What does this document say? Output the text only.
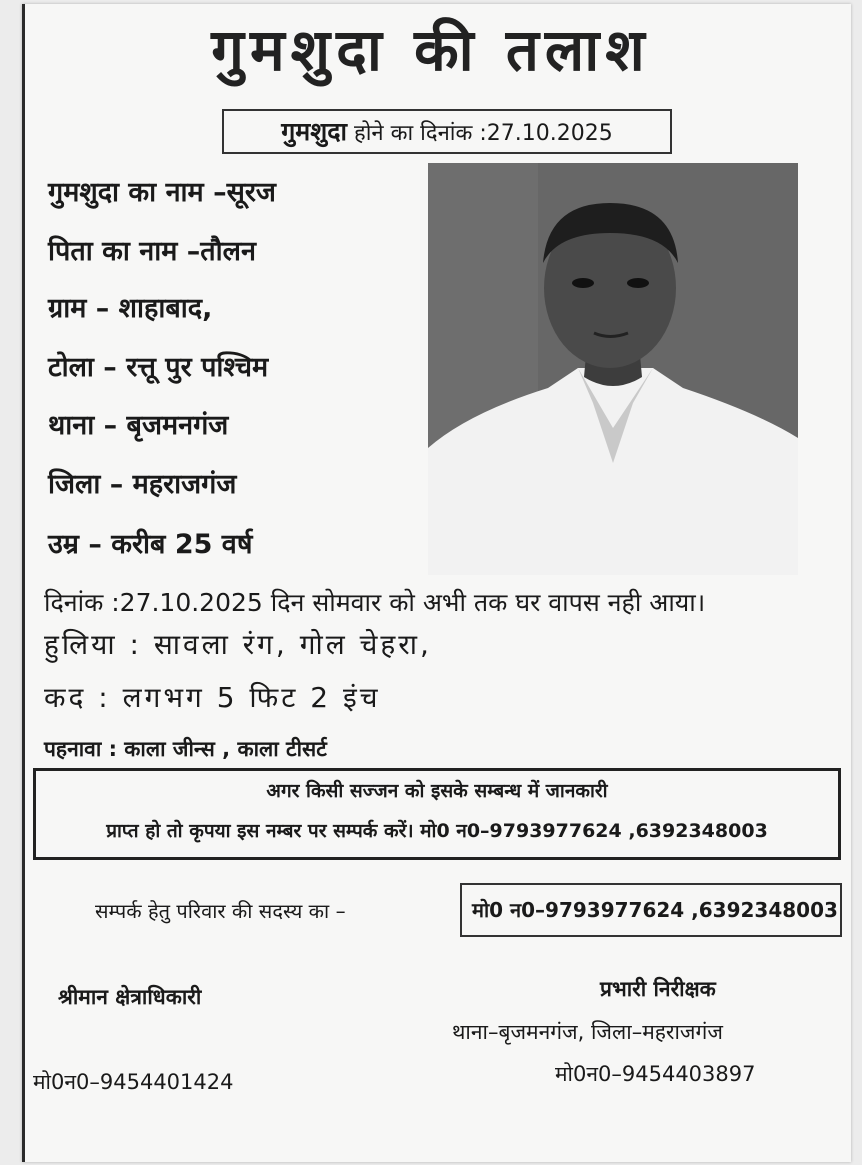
गुमशुदा की तलाश
गुमशुदा होने का दिनांक :27.10.2025
गुमशुदा का नाम –सूरज
पिता का नाम –तौलन
ग्राम – शाहाबाद,
टोला – रत्तू पुर पश्चिम
थाना – बृजमनगंज
जिला – महराजगंज
उम्र – करीब 25 वर्ष
दिनांक :27.10.2025 दिन सोमवार को अभी तक घर वापस नही आया।
हुलिया : सावला रंग, गोल चेहरा,
कद : लगभग 5 फिट 2 इंच
पहनावा : काला जीन्स , काला टीसर्ट
अगर किसी सज्जन को इसके सम्बन्ध में जानकारी
प्राप्त हो तो कृपया इस नम्बर पर सम्पर्क करें। मो0 न0–9793977624 ,6392348003
सम्पर्क हेतु परिवार की सदस्य का –	मो0 न0–9793977624 ,6392348003
श्रीमान क्षेत्राधिकारी
मो0न0–9454401424
प्रभारी निरीक्षक
थाना–बृजमनगंज, जिला–महराजगंज
मो0न0–9454403897
